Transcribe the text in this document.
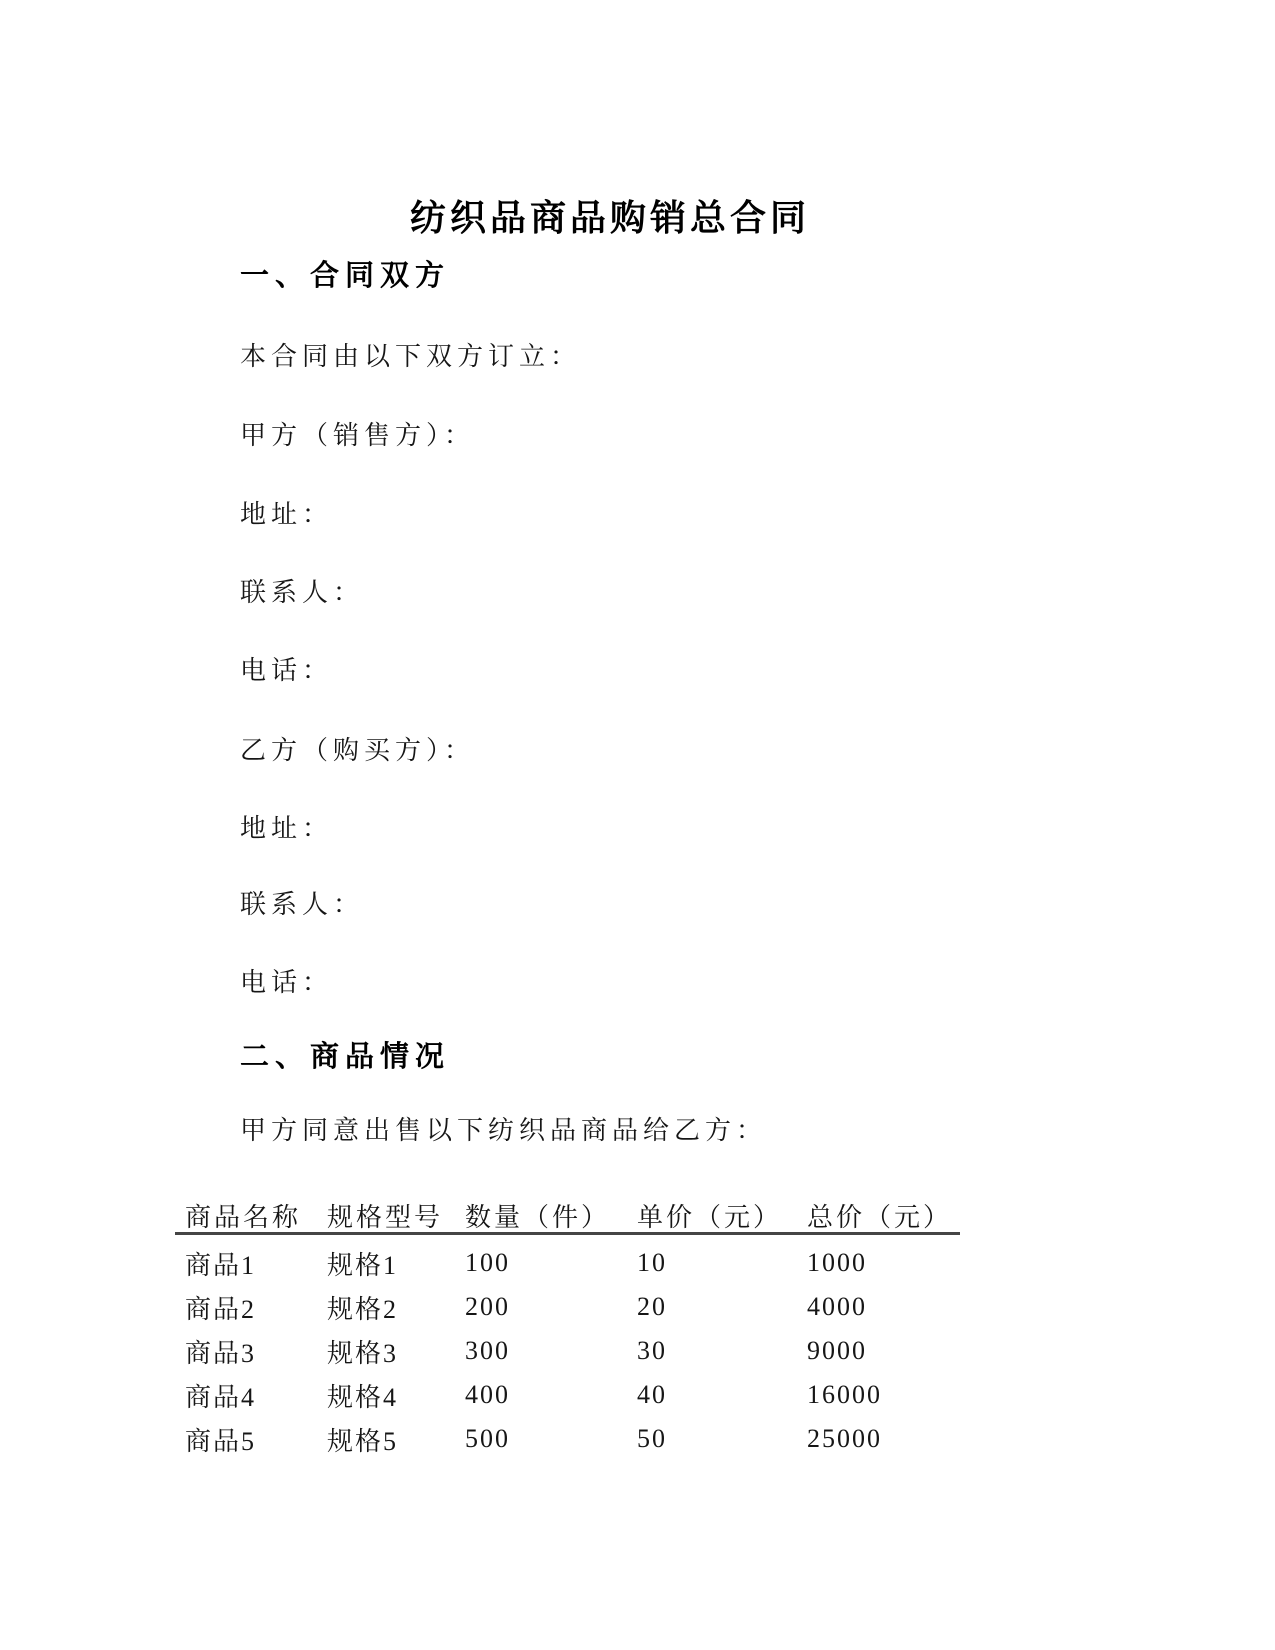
纺织品商品购销总合同
一、合同双方
本合同由以下双方订立：
甲方（销售方）：
地址：
联系人：
电话：
乙方（购买方）：
地址：
联系人：
电话：
二、商品情况
甲方同意出售以下纺织品商品给乙方：
商品名称 规格型号 数量（件）	单价（元） 总价（元）
商品1	规格1	100	10	1000
商品2	规格2	200	20	4000
商品3	规格3	300	30	9000
商品4	规格4	400	40	16000
商品5	规格5	500	50	25000
